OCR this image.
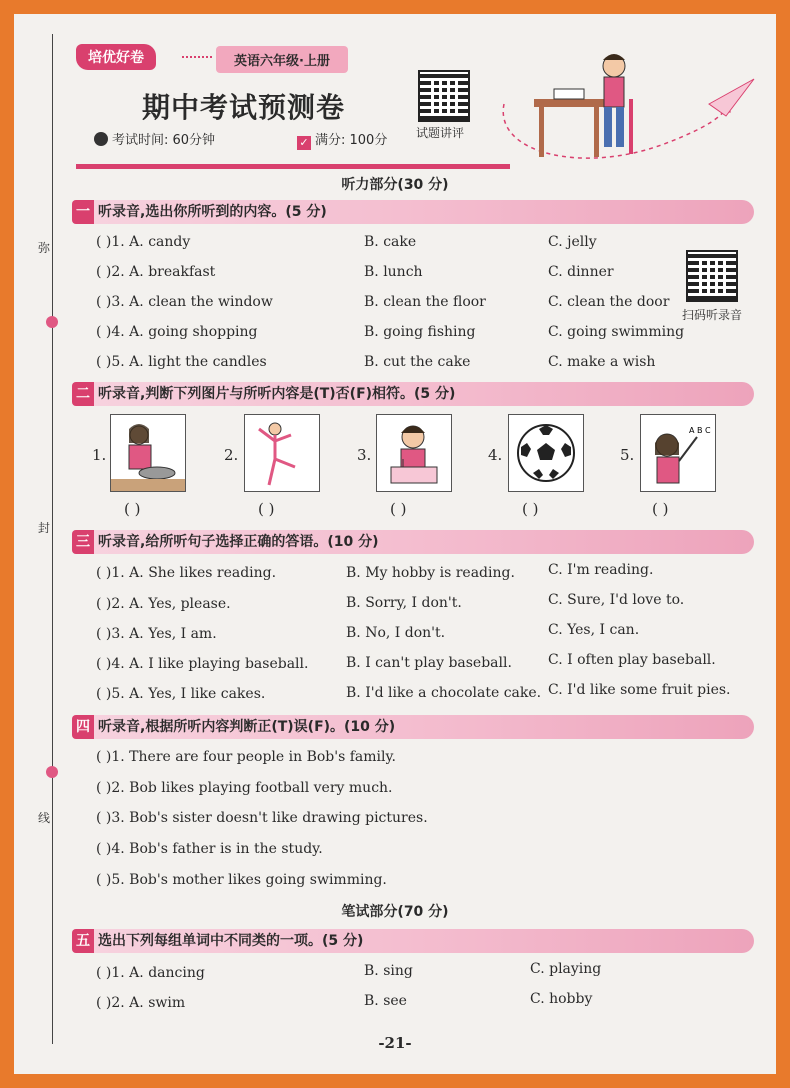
弥
封
线
培优好卷	英语六年级·上册
期中考试预测卷
考试时间: 60分钟	✓ 满分: 100分 试题讲评
听力部分(30 分)
一 听录音,选出你所听到的内容。(5 分)
( )1. A. candy	B. cake	C. jelly
( )2. A. breakfast	B. lunch	C. dinner
( )3. A. clean the window	B. clean the floor	C. clean the door
( )4. A. going shopping	B. going fishing	C. going swimming
( )5. A. light the candles	B. cut the cake	C. make a wish
扫码听录音
二 听录音,判断下列图片与所听内容是(T)否(F)相符。(5 分)
1.	2.	3.	4.	5.
A B C
( )	( )	( )	( )	( )
三 听录音,给所听句子选择正确的答语。(10 分)
( )1. A. She likes reading.	B. My hobby is reading. C. I'm reading.
( )2. A. Yes, please.	B. Sorry, I don't.	C. Sure, I'd love to.
( )3. A. Yes, I am.	B. No, I don't.	C. Yes, I can.
( )4. A. I like playing baseball.	B. I can't play baseball.	C. I often play baseball.
( )5. A. Yes, I like cakes.	B. I'd like a chocolate cake. C. I'd like some fruit pies.
四 听录音,根据所听内容判断正(T)误(F)。(10 分)
( )1. There are four people in Bob's family.
( )2. Bob likes playing football very much.
( )3. Bob's sister doesn't like drawing pictures.
( )4. Bob's father is in the study.
( )5. Bob's mother likes going swimming.
笔试部分(70 分)
五 选出下列每组单词中不同类的一项。(5 分)
( )1. A. dancing	B. sing	C. playing
( )2. A. swim	B. see	C. hobby
-21-
